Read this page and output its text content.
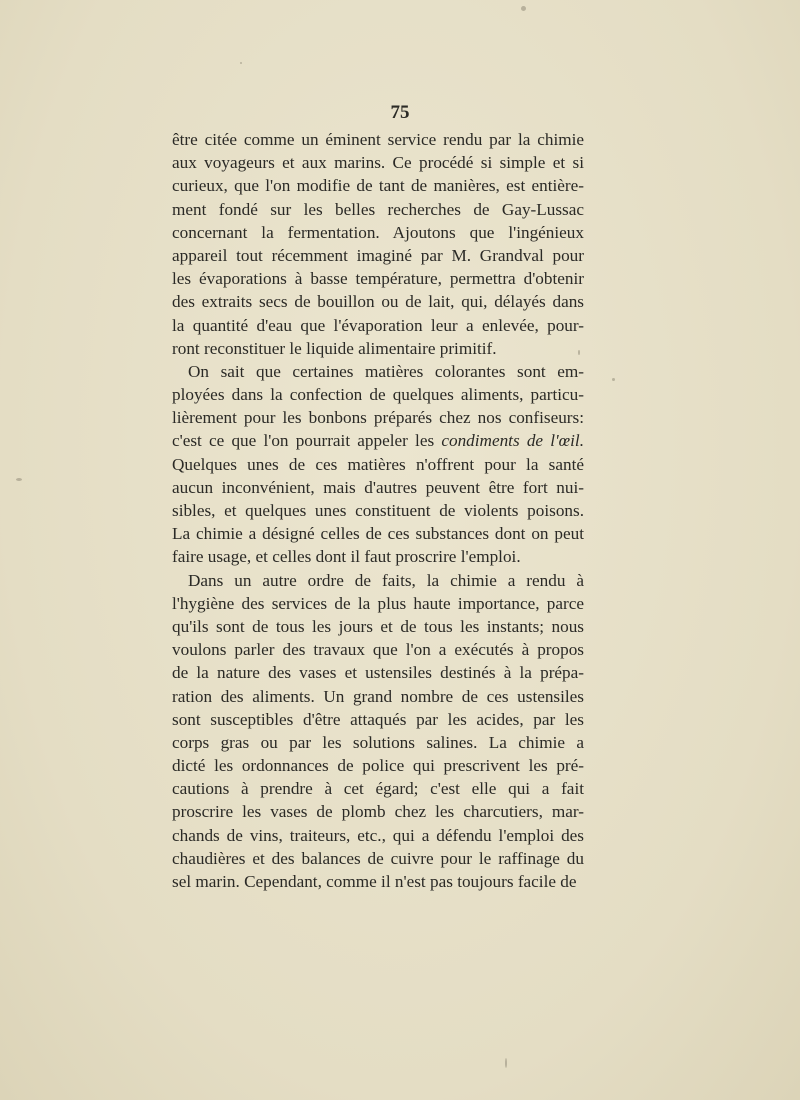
75
être citée comme un éminent service rendu par la chimie
aux voyageurs et aux marins. Ce procédé si simple et si
curieux, que l'on modifie de tant de manières, est entière-
ment fondé sur les belles recherches de Gay-Lussac
concernant la fermentation. Ajoutons que l'ingénieux
appareil tout récemment imaginé par M. Grandval pour
les évaporations à basse température, permettra d'obtenir
des extraits secs de bouillon ou de lait, qui, délayés dans
la quantité d'eau que l'évaporation leur a enlevée, pour-
ront reconstituer le liquide alimentaire primitif.
On sait que certaines matières colorantes sont em-
ployées dans la confection de quelques aliments, particu-
lièrement pour les bonbons préparés chez nos confiseurs:
c'est ce que l'on pourrait appeler les condiments de l'œil.
Quelques unes de ces matières n'offrent pour la santé
aucun inconvénient, mais d'autres peuvent être fort nui-
sibles, et quelques unes constituent de violents poisons.
La chimie a désigné celles de ces substances dont on peut
faire usage, et celles dont il faut proscrire l'emploi.
Dans un autre ordre de faits, la chimie a rendu à
l'hygiène des services de la plus haute importance, parce
qu'ils sont de tous les jours et de tous les instants; nous
voulons parler des travaux que l'on a exécutés à propos
de la nature des vases et ustensiles destinés à la prépa-
ration des aliments. Un grand nombre de ces ustensiles
sont susceptibles d'être attaqués par les acides, par les
corps gras ou par les solutions salines. La chimie a
dicté les ordonnances de police qui prescrivent les pré-
cautions à prendre à cet égard; c'est elle qui a fait
proscrire les vases de plomb chez les charcutiers, mar-
chands de vins, traiteurs, etc., qui a défendu l'emploi des
chaudières et des balances de cuivre pour le raffinage du
sel marin. Cependant, comme il n'est pas toujours facile de
